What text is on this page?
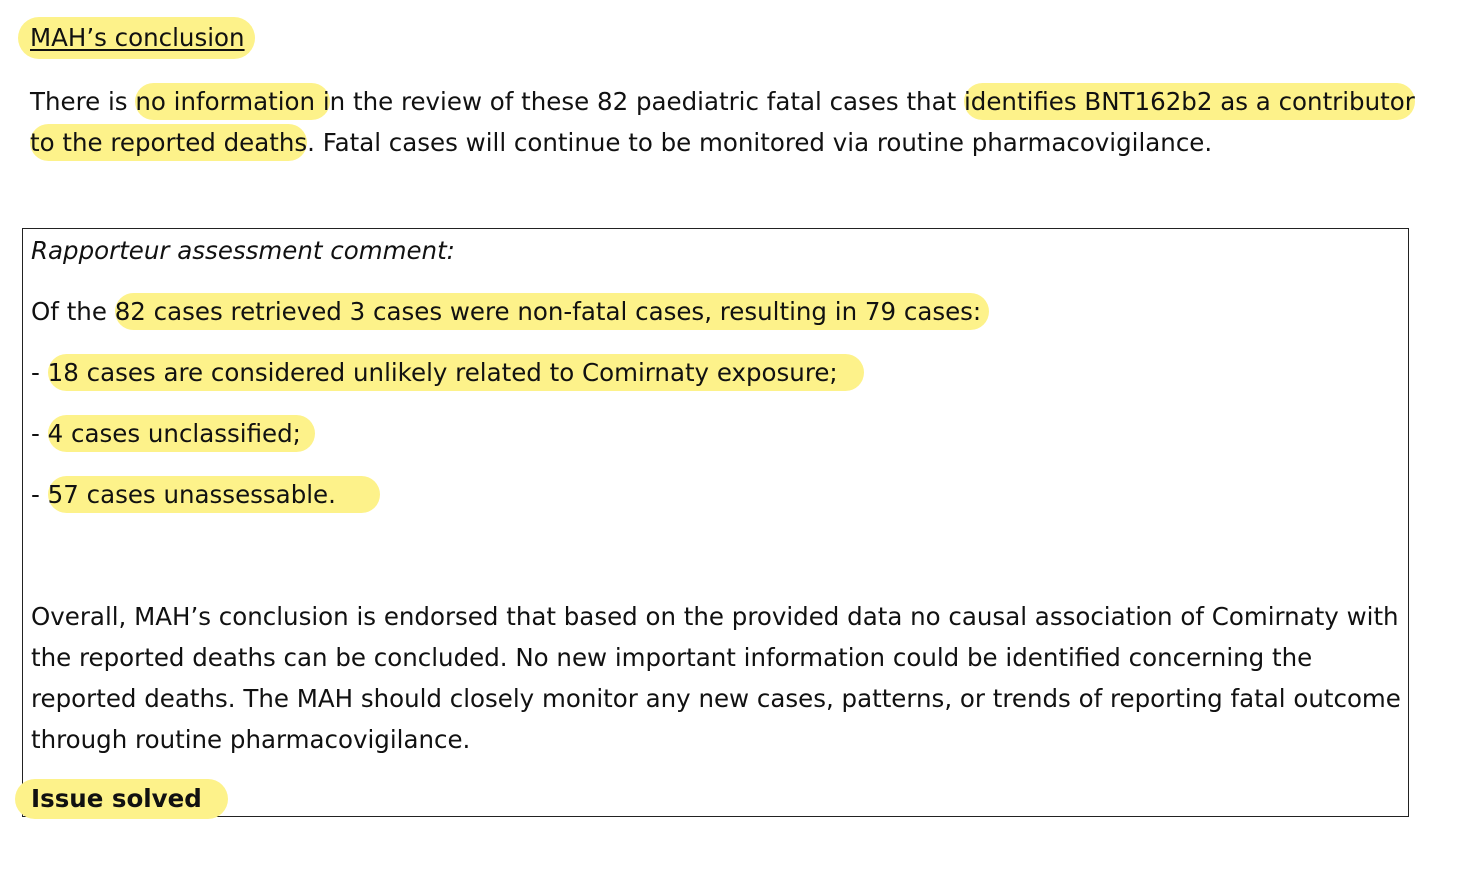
MAH’s conclusion

There is no information in the review of these 82 paediatric fatal cases that identifies BNT162b2 as a contributor to the reported deaths. Fatal cases will continue to be monitored via routine pharmacovigilance.

Rapporteur assessment comment:

Of the 82 cases retrieved 3 cases were non-fatal cases, resulting in 79 cases:

- 18 cases are considered unlikely related to Comirnaty exposure;

- 4 cases unclassified;

- 57 cases unassessable.

Overall, MAH’s conclusion is endorsed that based on the provided data no causal association of Comirnaty with the reported deaths can be concluded. No new important information could be identified concerning the reported deaths. The MAH should closely monitor any new cases, patterns, or trends of reporting fatal outcome through routine pharmacovigilance.

Issue solved
